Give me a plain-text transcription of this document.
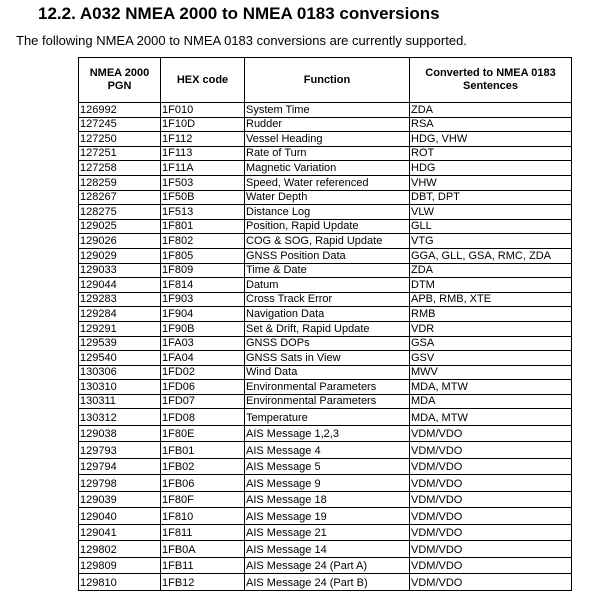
12.2. A032 NMEA 2000 to NMEA 0183 conversions
The following NMEA 2000 to NMEA 0183 conversions are currently supported.
NMEA 2000 PGN	HEX code	Function	Converted to NMEA 0183 Sentences
126992	1F010	System Time	ZDA
127245	1F10D	Rudder	RSA
127250	1F112	Vessel Heading	HDG, VHW
127251	1F113	Rate of Turn	ROT
127258	1F11A	Magnetic Variation	HDG
128259	1F503	Speed, Water referenced	VHW
128267	1F50B	Water Depth	DBT, DPT
128275	1F513	Distance Log	VLW
129025	1F801	Position, Rapid Update	GLL
129026	1F802	COG & SOG, Rapid Update	VTG
129029	1F805	GNSS Position Data	GGA, GLL, GSA, RMC, ZDA
129033	1F809	Time & Date	ZDA
129044	1F814	Datum	DTM
129283	1F903	Cross Track Error	APB, RMB, XTE
129284	1F904	Navigation Data	RMB
129291	1F90B	Set & Drift, Rapid Update	VDR
129539	1FA03	GNSS DOPs	GSA
129540	1FA04	GNSS Sats in View	GSV
130306	1FD02	Wind Data	MWV
130310	1FD06	Environmental Parameters	MDA, MTW
130311	1FD07	Environmental Parameters	MDA
130312	1FD08	Temperature	MDA, MTW
129038	1F80E	AIS Message 1,2,3	VDM/VDO
129793	1FB01	AIS Message 4	VDM/VDO
129794	1FB02	AIS Message 5	VDM/VDO
129798	1FB06	AIS Message 9	VDM/VDO
129039	1F80F	AIS Message 18	VDM/VDO
129040	1F810	AIS Message 19	VDM/VDO
129041	1F811	AIS Message 21	VDM/VDO
129802	1FB0A	AIS Message 14	VDM/VDO
129809	1FB11	AIS Message 24 (Part A)	VDM/VDO
129810	1FB12	AIS Message 24 (Part B)	VDM/VDO
